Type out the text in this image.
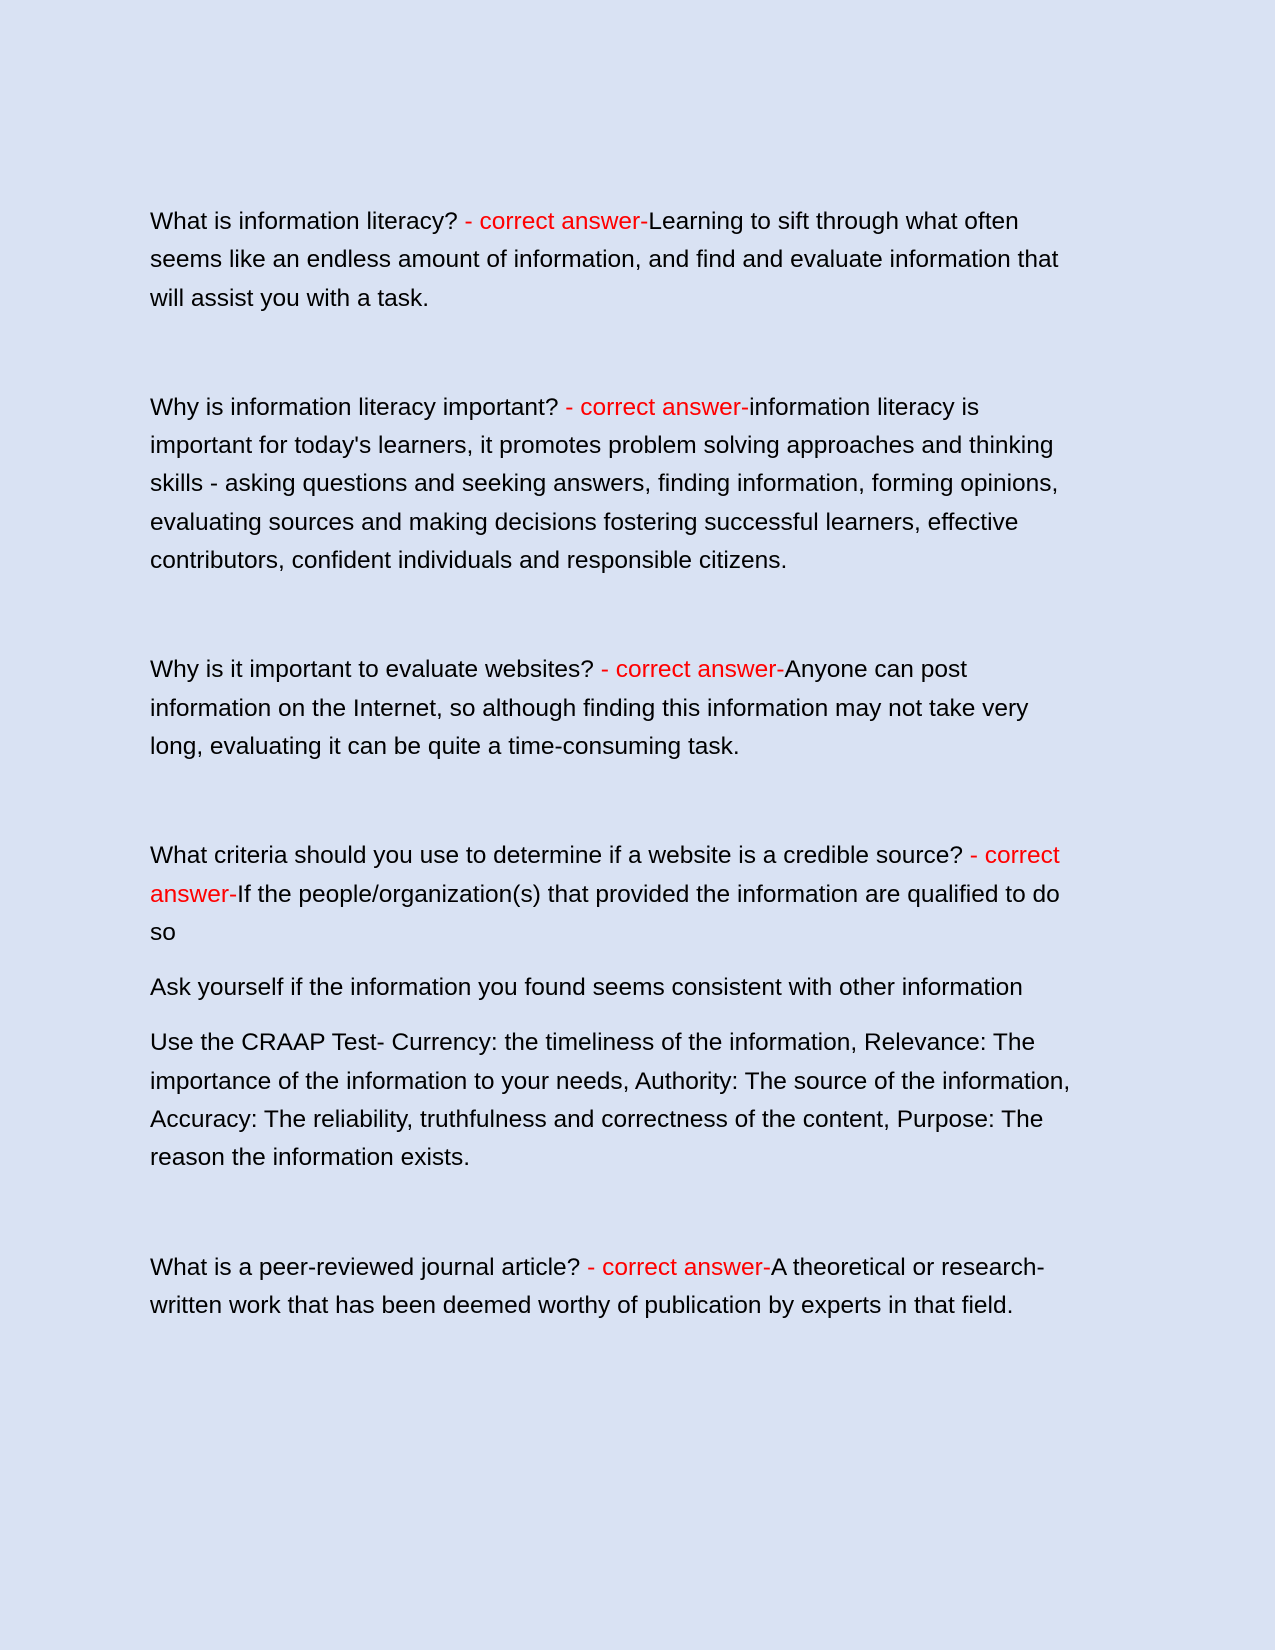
What is information literacy? - correct answer-Learning to sift through what often seems like an endless amount of information, and find and evaluate information that will assist you with a task.

Why is information literacy important? - correct answer-information literacy is important for today's learners, it promotes problem solving approaches and thinking skills - asking questions and seeking answers, finding information, forming opinions, evaluating sources and making decisions fostering successful learners, effective contributors, confident individuals and responsible citizens.

Why is it important to evaluate websites? - correct answer-Anyone can post information on the Internet, so although finding this information may not take very long, evaluating it can be quite a time-consuming task.

What criteria should you use to determine if a website is a credible source? - correct answer-If the people/organization(s) that provided the information are qualified to do so

Ask yourself if the information you found seems consistent with other information

Use the CRAAP Test- Currency: the timeliness of the information, Relevance: The importance of the information to your needs, Authority: The source of the information, Accuracy: The reliability, truthfulness and correctness of the content, Purpose: The reason the information exists.

What is a peer-reviewed journal article? - correct answer-A theoretical or research-written work that has been deemed worthy of publication by experts in that field.
